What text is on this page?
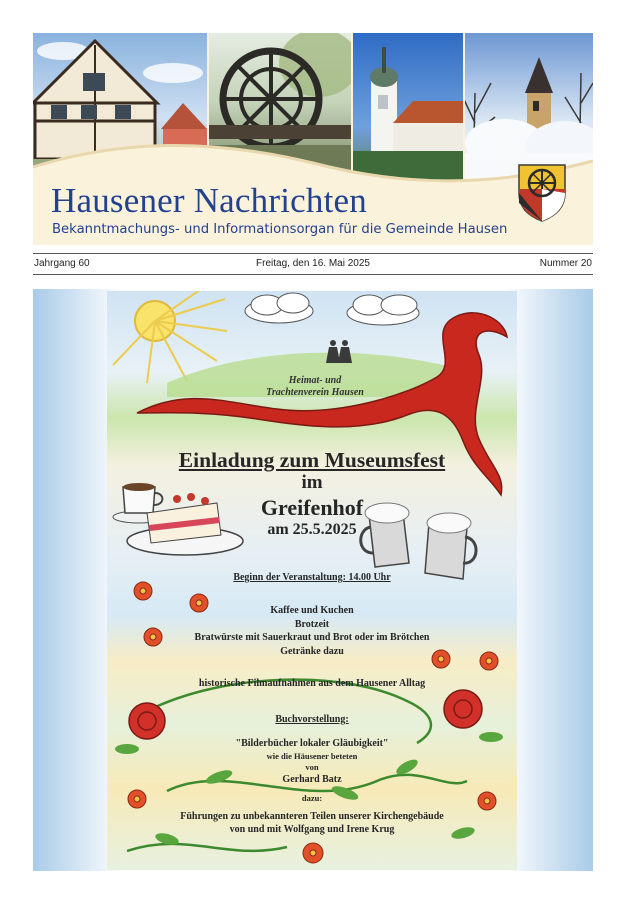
Hausener Nachrichten
Bekanntmachungs- und Informationsorgan für die Gemeinde Hausen
Jahrgang 60	Freitag, den 16. Mai 2025	Nummer 20
Heimat- und
Trachtenverein Hausen
Einladung zum Museumsfest
im
Greifenhof
am 25.5.2025
Beginn der Veranstaltung: 14.00 Uhr
Kaffee und Kuchen
Brotzeit
Bratwürste mit Sauerkraut und Brot oder im Brötchen
Getränke dazu
historische Filmaufnahmen aus dem Hausener Alltag
Buchvorstellung:
"Bilderbücher lokaler Gläubigkeit"
wie die Häusener beteten
von
Gerhard Batz
dazu:
Führungen zu unbekannteren Teilen unserer Kirchengebäude
von und mit Wolfgang und Irene Krug
